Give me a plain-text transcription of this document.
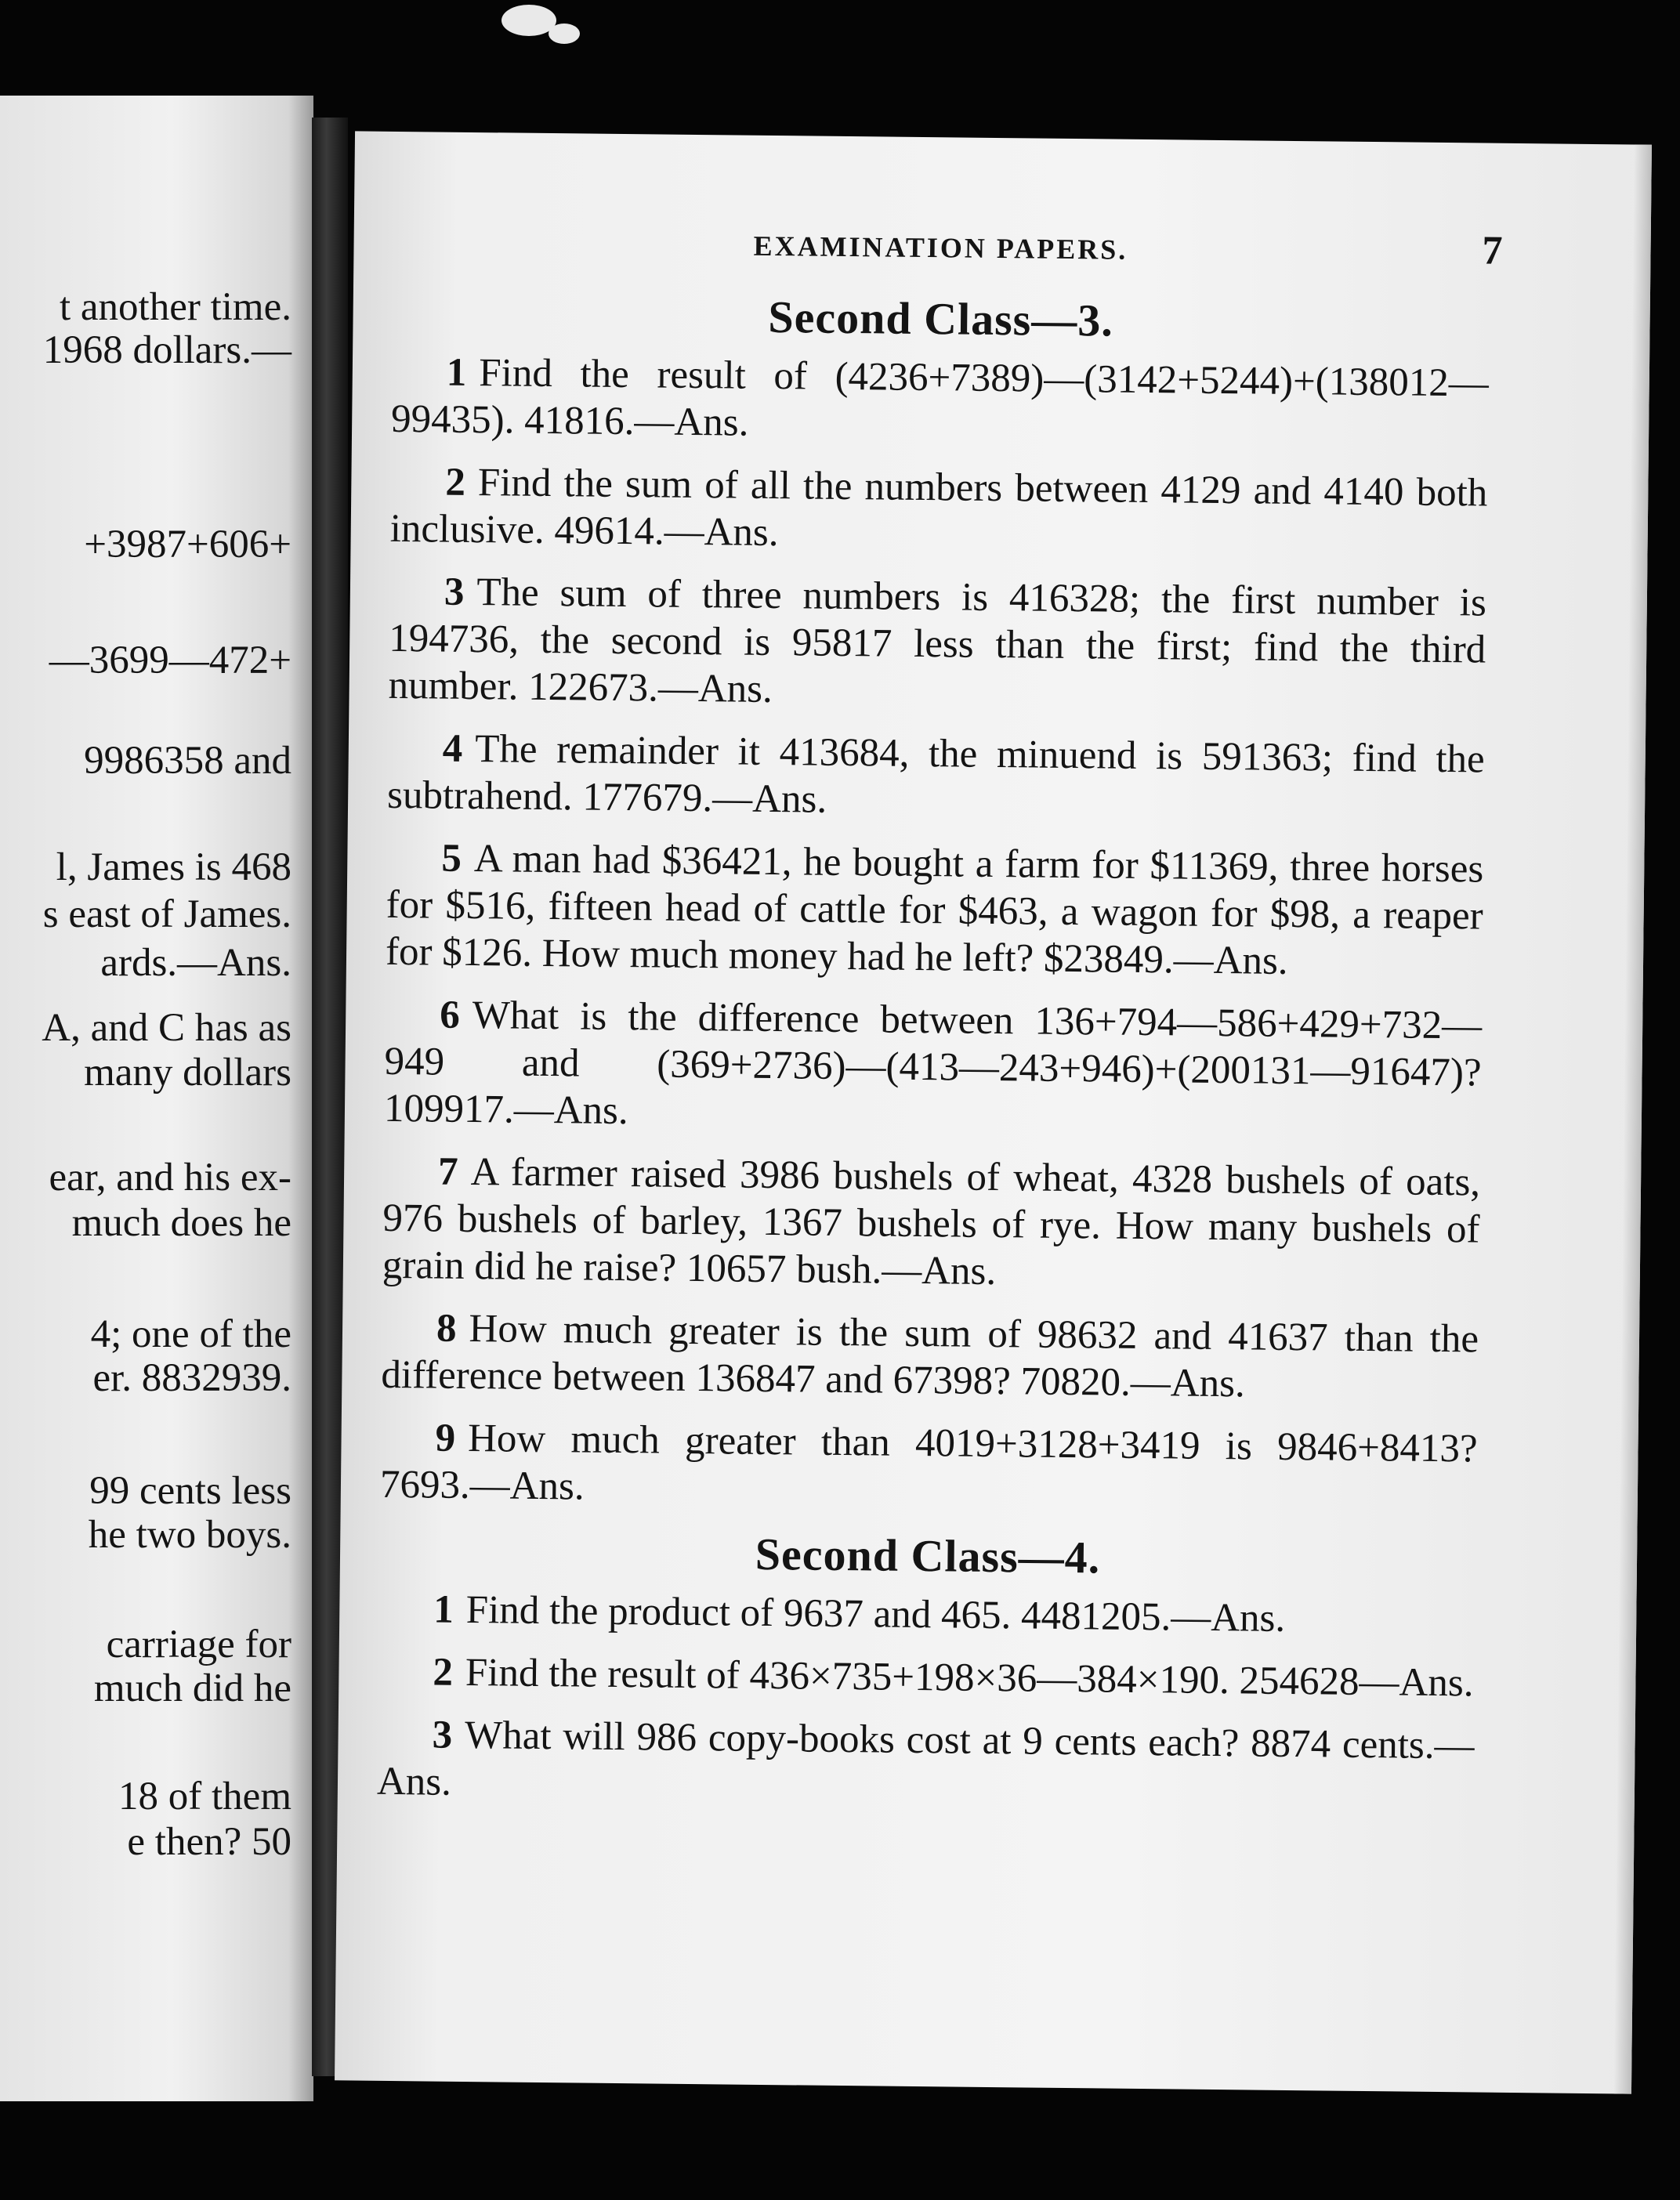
t another time.
1968 dollars.—
+3987+606+
—3699—472+
9986358 and
l, James is 468
s east of James.
ards.—Ans.
A, and C has as
many dollars
ear, and his ex-
much does he
4; one of the
er. 8832939.
99 cents less
he two boys.
carriage for
much did he
18 of them
e then? 50
EXAMINATION PAPERS.	7
Second Class—3.

1 Find the result of (4236+7389)—(3142+5244)+(138012—99435). 41816.—Ans.

2 Find the sum of all the numbers between 4129 and 4140 both inclusive. 49614.—Ans.

3 The sum of three numbers is 416328; the first number is 194736, the second is 95817 less than the first; find the third number. 122673.—Ans.

4 The remainder it 413684, the minuend is 591363; find the subtrahend. 177679.—Ans.

5 A man had $36421, he bought a farm for $11369, three horses for $516, fifteen head of cattle for $463, a wagon for $98, a reaper for $126. How much money had he left? $23849.—Ans.

6 What is the difference between 136+794—586+429+732—949 and (369+2736)—(413—243+946)+(200131—91647)? 109917.—Ans.

7 A farmer raised 3986 bushels of wheat, 4328 bushels of oats, 976 bushels of barley, 1367 bushels of rye. How many bushels of grain did he raise? 10657 bush.—Ans.

8 How much greater is the sum of 98632 and 41637 than the difference between 136847 and 67398? 70820.—Ans.

9 How much greater than 4019+3128+3419 is 9846+8413? 7693.—Ans.

Second Class—4.

1 Find the product of 9637 and 465. 4481205.—Ans.

2 Find the result of 436×735+198×36—384×190. 254628—Ans.

3 What will 986 copy-books cost at 9 cents each? 8874 cents.—Ans.
